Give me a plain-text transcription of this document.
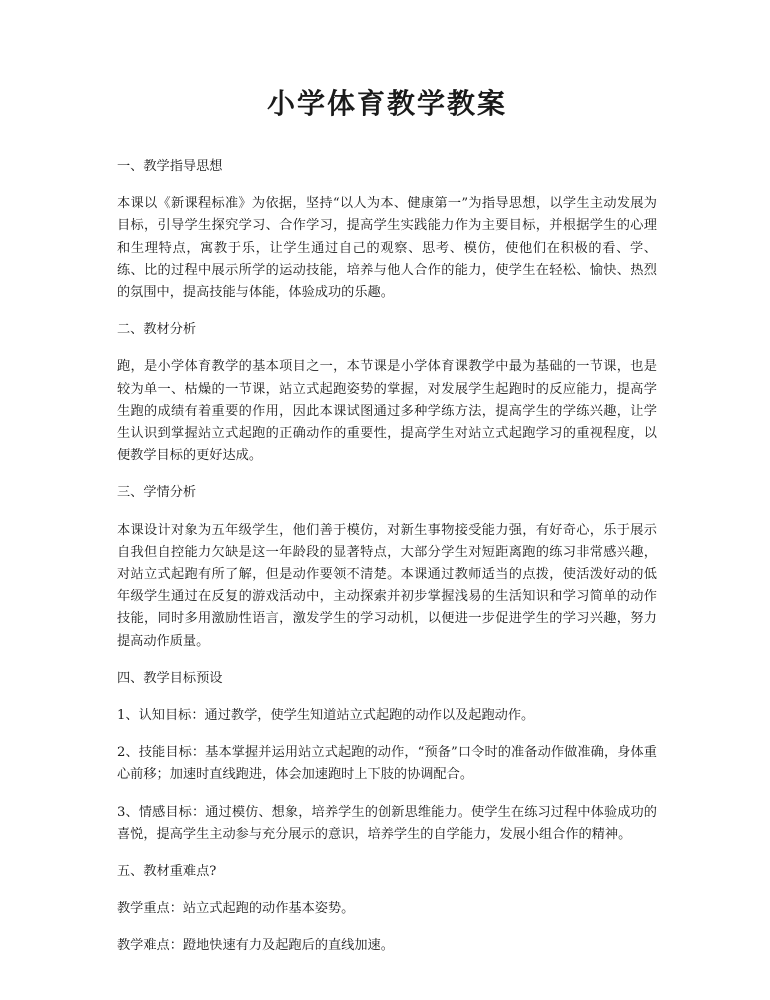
小学体育教学教案
一、教学指导思想
本课以《新课程标准》为依据，坚持“以人为本、健康第一”为指导思想，以学生主动发展为目标，引导学生探究学习、合作学习，提高学生实践能力作为主要目标，并根据学生的心理和生理特点，寓教于乐，让学生通过自己的观察、思考、模仿，使他们在积极的看、学、练、比的过程中展示所学的运动技能，培养与他人合作的能力，使学生在轻松、愉快、热烈的氛围中，提高技能与体能，体验成功的乐趣。
二、教材分析
跑，是小学体育教学的基本项目之一，本节课是小学体育课教学中最为基础的一节课，也是较为单一、枯燥的一节课，站立式起跑姿势的掌握，对发展学生起跑时的反应能力，提高学生跑的成绩有着重要的作用，因此本课试图通过多种学练方法，提高学生的学练兴趣，让学生认识到掌握站立式起跑的正确动作的重要性，提高学生对站立式起跑学习的重视程度，以便教学目标的更好达成。
三、学情分析
本课设计对象为五年级学生，他们善于模仿，对新生事物接受能力强，有好奇心，乐于展示自我但自控能力欠缺是这一年龄段的显著特点，大部分学生对短距离跑的练习非常感兴趣，对站立式起跑有所了解，但是动作要领不清楚。本课通过教师适当的点拨，使活泼好动的低年级学生通过在反复的游戏活动中，主动探索并初步掌握浅易的生活知识和学习简单的动作技能，同时多用激励性语言，激发学生的学习动机，以便进一步促进学生的学习兴趣，努力提高动作质量。
四、教学目标预设
1、认知目标：通过教学，使学生知道站立式起跑的动作以及起跑动作。
2、技能目标：基本掌握并运用站立式起跑的动作，“预备”口令时的准备动作做准确，身体重心前移；加速时直线跑进，体会加速跑时上下肢的协调配合。
3、情感目标：通过模仿、想象，培养学生的创新思维能力。使学生在练习过程中体验成功的喜悦，提高学生主动参与充分展示的意识，培养学生的自学能力，发展小组合作的精神。
五、教材重难点?
教学重点：站立式起跑的动作基本姿势。
教学难点：蹬地快速有力及起跑后的直线加速。
